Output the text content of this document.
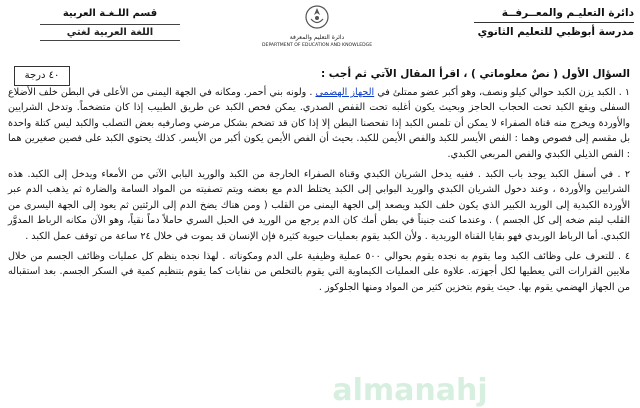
دائرة التعليـم والمعــرفــة
مدرسة أبوظبي للتعليم الثانوي
دائرة التعليم والمعرفة
DEPARTMENT OF EDUCATION AND KNOWLEDGE
قسم اللـغـة العربية
اللغة العربية لغتي
٤٠ درجة	السؤال الأول ( نصٌ معلوماتي ) ، اقرأ المقال الآتي ثم أجب :

١ . الكبد يزن الكبد حوالي كيلو ونصف، وهو أكبر عضو ممتلئ في الجهاز الهضمي . ولونه بني أحمر. ومكانه في الجهة اليمنى من الأعلى في البطن خلف الأضلاع السفلى ويقع الكبد تحت الحجاب الحاجز وبحيث يكون أغلبه تحت القفص الصدري. يمكن فحص الكبد عن طريق الطبيب إذا كان متضخماً. وتدخل الشرايين والأوردة ويخرج منه قناة الصفراء لا يمكن أن تلمس الكبد إذا تفحصنا البطن إلا إذا كان قد تضخم بشكل مرضي وصارفيه بعض التصلب والكبد ليس كتلة واحدة بل مقسم إلى فصوص وهما : الفص الأيسر للكبد والفص الأيمن للكبد. بحيث أن الفص الأيمن يكون أكبر من الأيسر. كذلك يحتوي الكبد على فصين صغيرين هما : الفص الذيلي الكبدي والفص المربعي الكبدي.

٢ . في أسفل الكبد يوجد باب الكبد . ففيه يدخل الشريان الكبدي وقناة الصفراء الخارجة من الكبد والوريد البابي الآتي من الأمعاء ويدخل إلى الكبد. هذه الشرايين والأوردة ، وعند دخول الشريان الكبدي والوريد البوابي إلى الكبد يختلط الدم مع بعضه ويتم تصفيته من المواد السامة والضارة ثم يذهب الدم عبر الأوردة الكبدية إلى الوريد الكبير الذي يكون خلف الكبد ويصعد إلى الجهة اليمنى من القلب ( ومن هناك يضخ الدم إلى الرئتين ثم يعود إلى الجهة اليسرى من القلب ليتم ضخه إلى كل الجسم ) . وعندما كنت جنيناً في بطن أمك كان الدم يرجع من الوريد في الحبل السري حاملاً دماً نقياً، وهو الآن مكانه الرباط المدوَّر الكبدي. أما الرباط الوريدي فهو بقايا القناة الوريدية . ولأن الكبد يقوم بعمليات حيوية كثيرة فإن الإنسان قد يموت في خلال ٢٤ ساعة من توقف عمل الكبد .

٤ . للتعرف على وظائف الكبد وما يقوم به نجده يقوم بحوالي ٥٠٠ عملية وظيفية على الدم ومكوناته . لهذا نجده ينظم كل عمليات وظائف الجسم من خلال ملايين القرارات التي يعطيها لكل أجهزته. علاوة على العمليات الكيماوية التي يقوم بالتخلص من نفايات كما يقوم بتنظيم كمية في السكر الجسم. بعد استقباله من الجهاز الهضمي يقوم بها. حيث يقوم بتخزين كثير من المواد ومنها الجلوكوز .

almanahj
